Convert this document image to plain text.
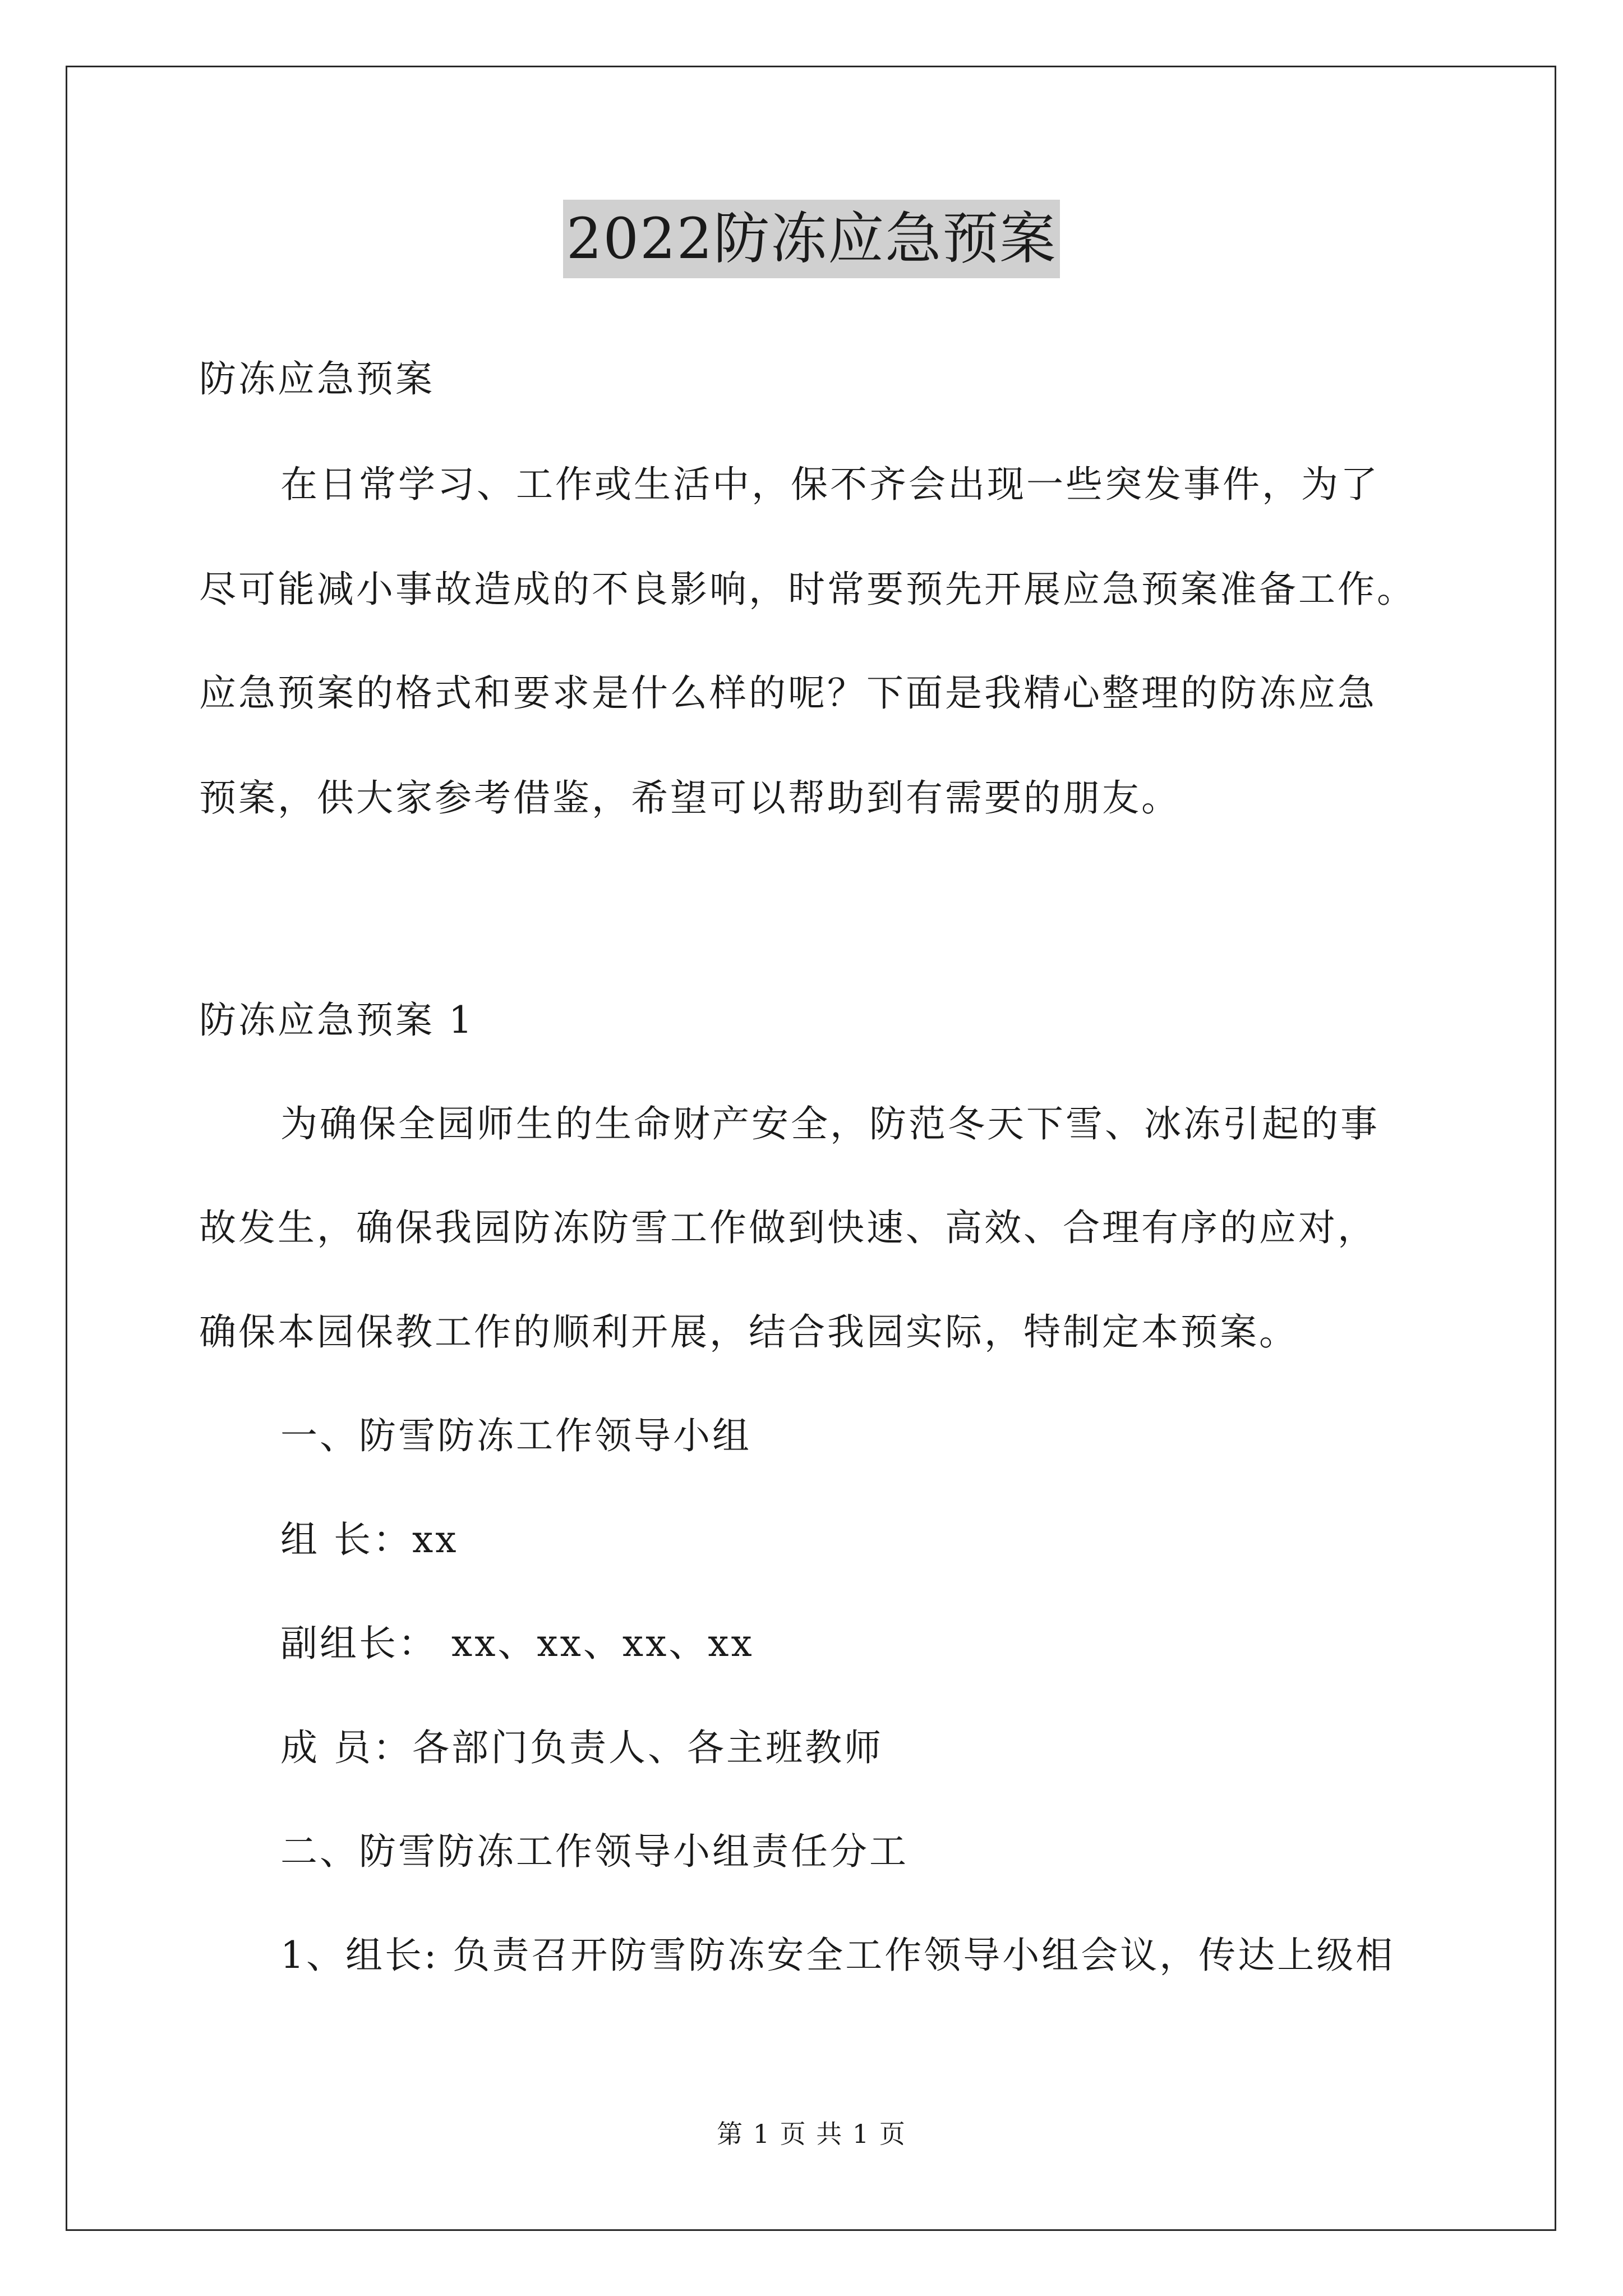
2022防冻应急预案
防冻应急预案
在日常学习、工作或生活中，保不齐会出现一些突发事件，为了
尽可能减小事故造成的不良影响，时常要预先开展应急预案准备工作。
应急预案的格式和要求是什么样的呢？下面是我精心整理的防冻应急
预案，供大家参考借鉴，希望可以帮助到有需要的朋友。
防冻应急预案 1
为确保全园师生的生命财产安全，防范冬天下雪、冰冻引起的事
故发生，确保我园防冻防雪工作做到快速、高效、合理有序的应对，
确保本园保教工作的顺利开展，结合我园实际，特制定本预案。
一、防雪防冻工作领导小组
组 长：xx
副组长： xx、xx、xx、xx
成 员：各部门负责人、各主班教师
二、防雪防冻工作领导小组责任分工
1、组长: 负责召开防雪防冻安全工作领导小组会议，传达上级相
第 1 页 共 1 页
